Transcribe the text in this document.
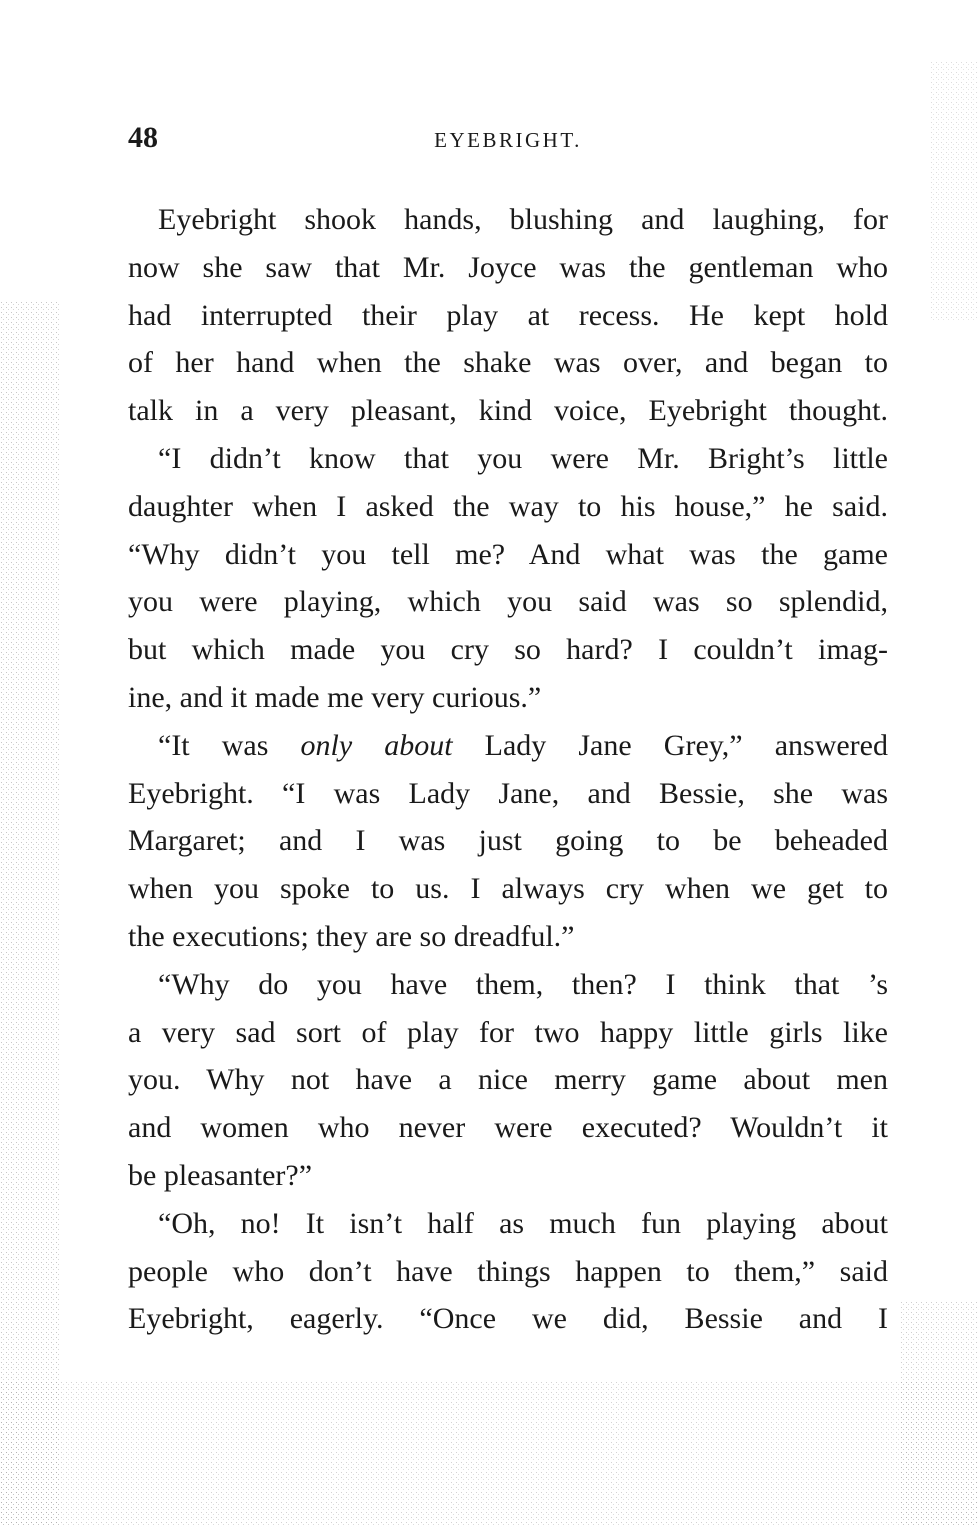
48	EYEBRIGHT.
Eyebright shook hands, blushing and laughing, for
now she saw that Mr. Joyce was the gentleman who
had interrupted their play at recess. He kept hold
of her hand when the shake was over, and began to
talk in a very pleasant, kind voice, Eyebright thought.
“I didn’t know that you were Mr. Bright’s little
daughter when I asked the way to his house,” he said.
“Why didn’t you tell me? And what was the game
you were playing, which you said was so splendid,
but which made you cry so hard? I couldn’t imag-
ine, and it made me very curious.”
“It was only about Lady Jane Grey,” answered
Eyebright. “I was Lady Jane, and Bessie, she was
Margaret; and I was just going to be beheaded
when you spoke to us. I always cry when we get to
the executions; they are so dreadful.”
“Why do you have them, then? I think that ’s
a very sad sort of play for two happy little girls like
you. Why not have a nice merry game about men
and women who never were executed? Wouldn’t it
be pleasanter?”
“Oh, no! It isn’t half as much fun playing about
people who don’t have things happen to them,” said
Eyebright, eagerly. “Once we did, Bessie and I
